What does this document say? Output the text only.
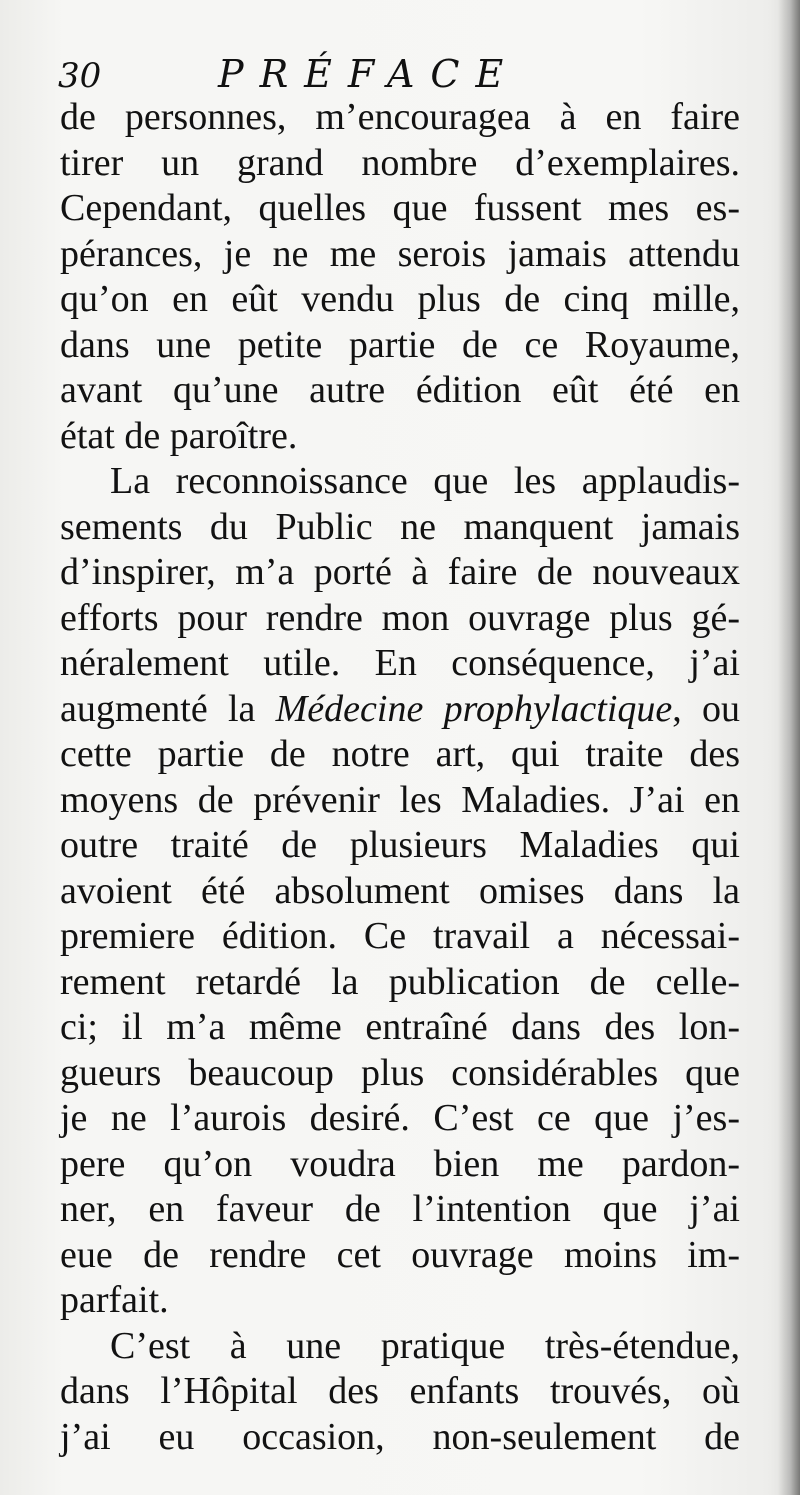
30	PRÉFACE
de personnes, m’encouragea à en faire
tirer un grand nombre d’exemplaires.
Cependant, quelles que fussent mes es-
pérances, je ne me serois jamais attendu
qu’on en eût vendu plus de cinq mille,
dans une petite partie de ce Royaume,
avant qu’une autre édition eût été en
état de paroître.
La reconnoissance que les applaudis-
sements du Public ne manquent jamais
d’inspirer, m’a porté à faire de nouveaux
efforts pour rendre mon ouvrage plus gé-
néralement utile. En conséquence, j’ai
augmenté la Médecine prophylactique, ou
cette partie de notre art, qui traite des
moyens de prévenir les Maladies. J’ai en
outre traité de plusieurs Maladies qui
avoient été absolument omises dans la
premiere édition. Ce travail a nécessai-
rement retardé la publication de celle-
ci; il m’a même entraîné dans des lon-
gueurs beaucoup plus considérables que
je ne l’aurois desiré. C’est ce que j’es-
pere qu’on voudra bien me pardon-
ner, en faveur de l’intention que j’ai
eue de rendre cet ouvrage moins im-
parfait.
C’est à une pratique très-étendue,
dans l’Hôpital des enfants trouvés, où
j’ai eu occasion, non-seulement de
